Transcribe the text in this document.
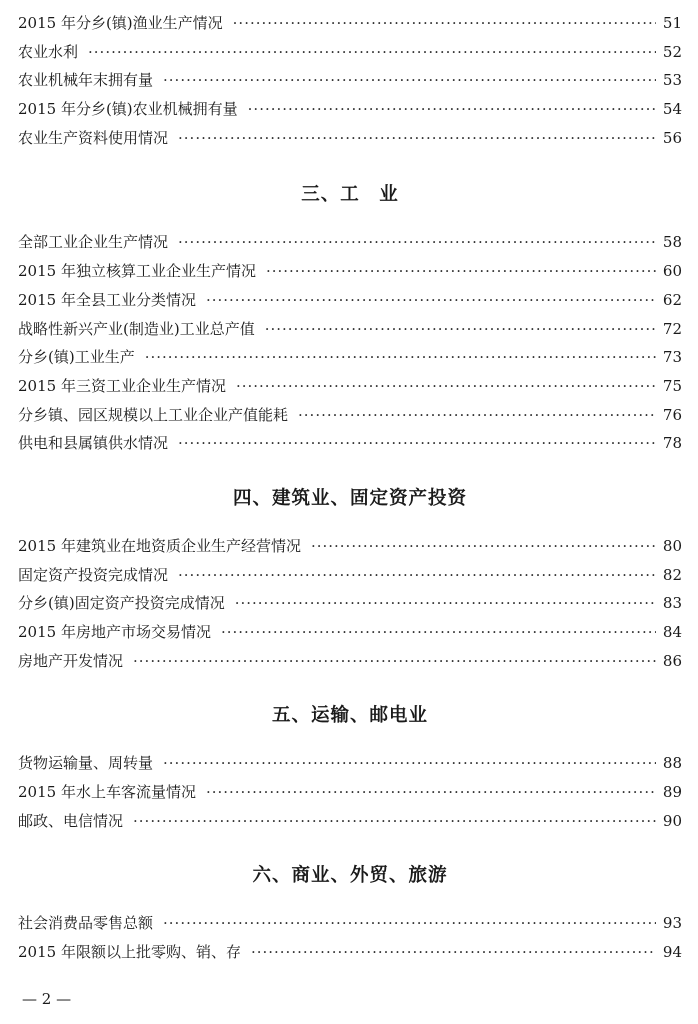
2015 年分乡(镇)渔业生产情况 ·····	51
农业水利 ·····	52
农业机械年末拥有量 ·····	53
2015 年分乡(镇)农业机械拥有量 ·····	54
农业生产资料使用情况 ·····	56
三、工　业
全部工业企业生产情况 ·····	58
2015 年独立核算工业企业生产情况 ·····	60
2015 年全县工业分类情况 ·····	62
战略性新兴产业(制造业)工业总产值 ·····	72
分乡(镇)工业生产 ·····	73
2015 年三资工业企业生产情况 ·····	75
分乡镇、园区规模以上工业企业产值能耗 ·····	76
供电和县属镇供水情况 ·····	78
四、建筑业、固定资产投资
2015 年建筑业在地资质企业生产经营情况 ·····	80
固定资产投资完成情况 ·····	82
分乡(镇)固定资产投资完成情况 ·····	83
2015 年房地产市场交易情况 ·····	84
房地产开发情况 ·····	86
五、运输、邮电业
货物运输量、周转量 ·····	88
2015 年水上车客流量情况 ·····	89
邮政、电信情况 ·····	90
六、商业、外贸、旅游
社会消费品零售总额 ·····	93
2015 年限额以上批零购、销、存 ·····	94
— 2 —
